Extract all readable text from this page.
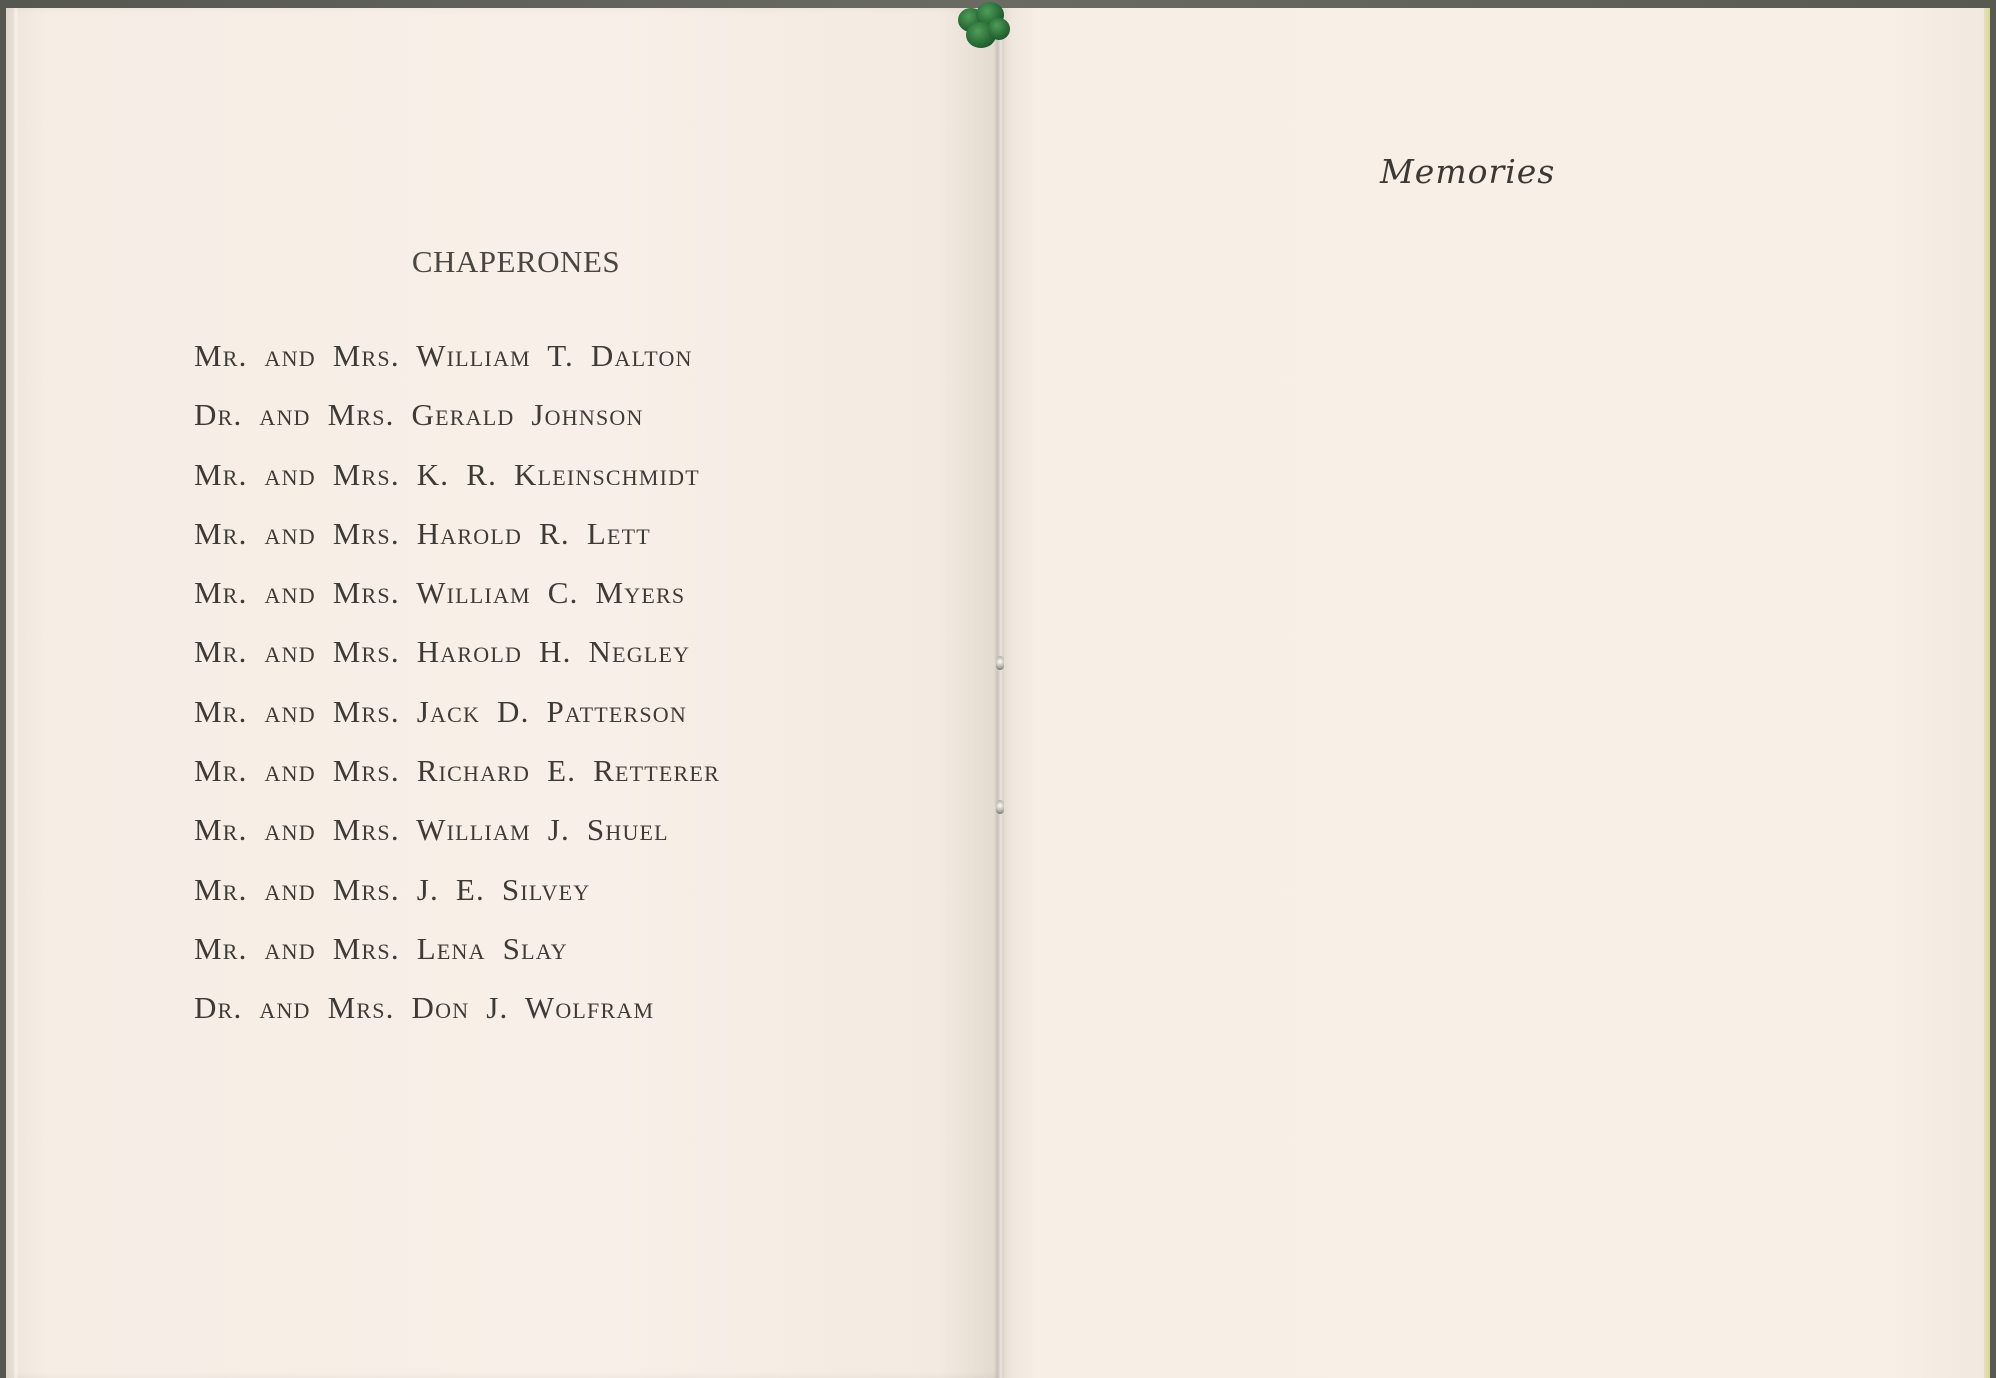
CHAPERONES
Mr. and Mrs. William T. Dalton
Dr. and Mrs. Gerald Johnson
Mr. and Mrs. K. R. Kleinschmidt
Mr. and Mrs. Harold R. Lett
Mr. and Mrs. William C. Myers
Mr. and Mrs. Harold H. Negley
Mr. and Mrs. Jack D. Patterson
Mr. and Mrs. Richard E. Retterer
Mr. and Mrs. William J. Shuel
Mr. and Mrs. J. E. Silvey
Mr. and Mrs. Lena Slay
Dr. and Mrs. Don J. Wolfram
Memories
